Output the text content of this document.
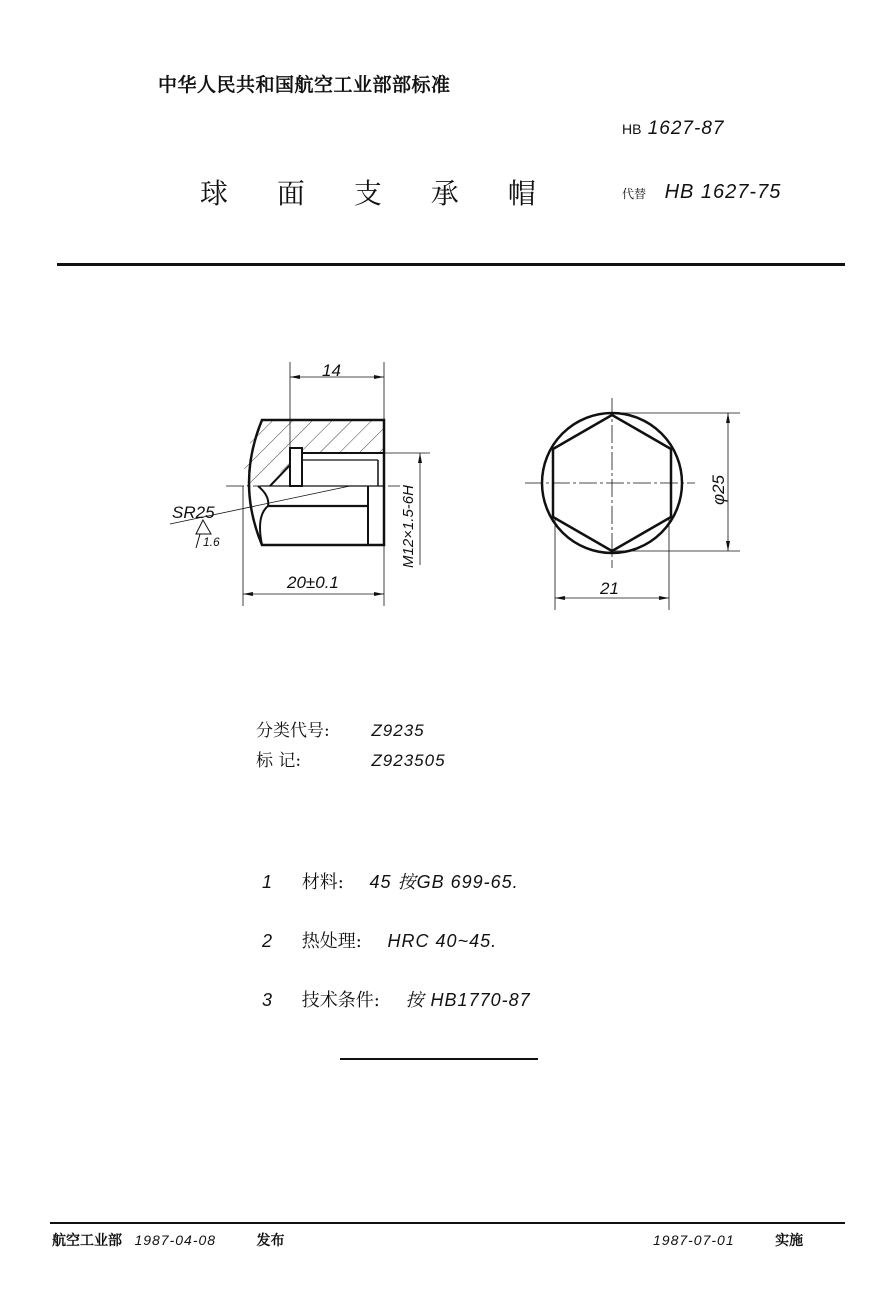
中华人民共和国航空工业部部标准
HB 1627-87
球 面 支 承 帽	代替 HB 1627-75
14
20±0.1
SR25
1.6	M12×1.5-6H	φ25
21
分类代号: Z9235
标 记:	Z923505
1 材料: 45 按GB 699-65.
2 热处理: HRC 40~45.
3 技术条件: 按 HB1770-87
航空工业部 1987-04-08	发布	1987-07-01	实施
